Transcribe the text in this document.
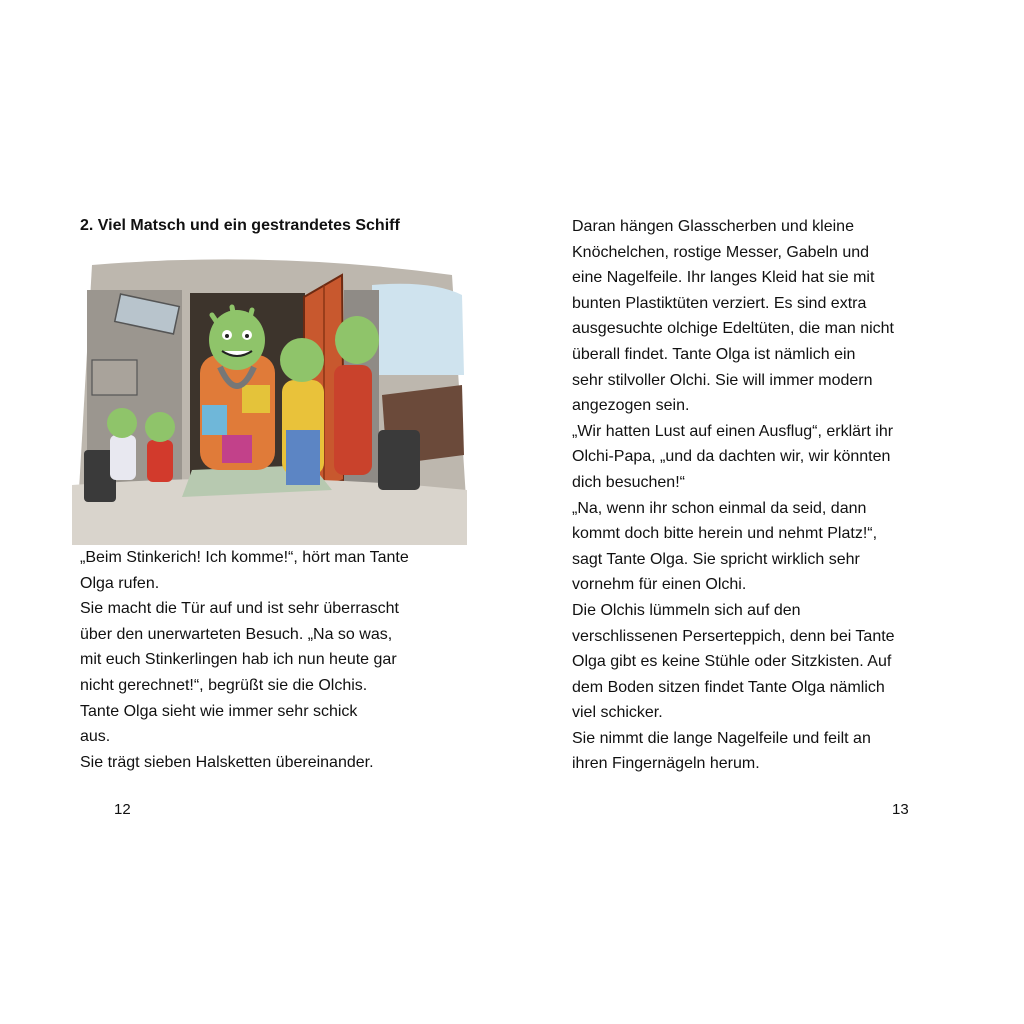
2. Viel Matsch und ein gestrandetes Schiff
„Beim Stinkerich! Ich komme!“, hört man Tante
Olga rufen.
Sie macht die Tür auf und ist sehr überrascht
über den unerwarteten Besuch. „Na so was,
mit euch Stinkerlingen hab ich nun heute gar
nicht gerechnet!“, begrüßt sie die Olchis.
Tante Olga sieht wie immer sehr schick
aus.
Sie trägt sieben Halsketten übereinander.
12
Daran hängen Glasscherben und kleine
Knöchelchen, rostige Messer, Gabeln und
eine Nagelfeile. Ihr langes Kleid hat sie mit
bunten Plastiktüten verziert. Es sind extra
ausgesuchte olchige Edeltüten, die man nicht
überall findet. Tante Olga ist nämlich ein
sehr stilvoller Olchi. Sie will immer modern
angezogen sein.
„Wir hatten Lust auf einen Ausflug“, erklärt ihr
Olchi-Papa, „und da dachten wir, wir könnten
dich besuchen!“
„Na, wenn ihr schon einmal da seid, dann
kommt doch bitte herein und nehmt Platz!“,
sagt Tante Olga. Sie spricht wirklich sehr
vornehm für einen Olchi.
Die Olchis lümmeln sich auf den
verschlissenen Perserteppich, denn bei Tante
Olga gibt es keine Stühle oder Sitzkisten. Auf
dem Boden sitzen findet Tante Olga nämlich
viel schicker.
Sie nimmt die lange Nagelfeile und feilt an
ihren Fingernägeln herum.
13
